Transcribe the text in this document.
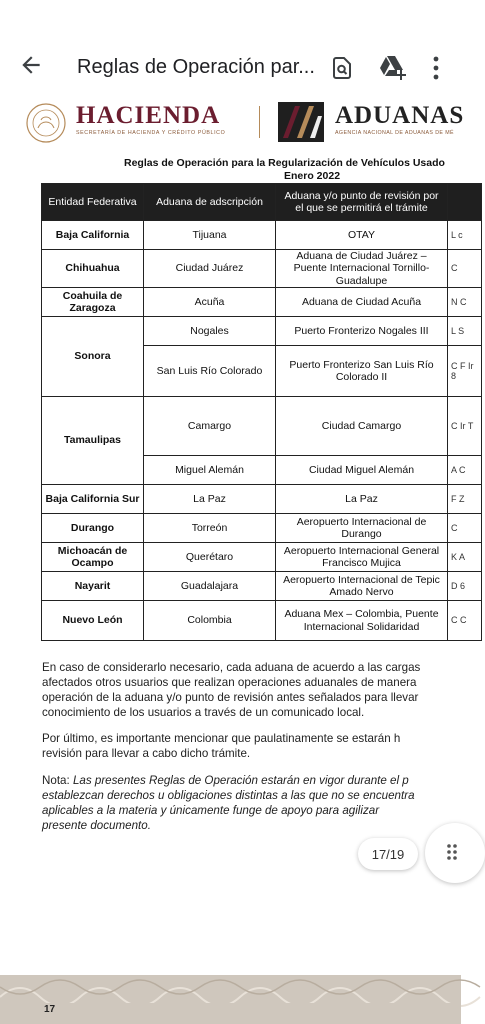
Reglas de Operación par...
HACIENDA
SECRETARÍA DE HACIENDA Y CRÉDITO PÚBLICO
ADUANAS
AGENCIA NACIONAL DE ADUANAS DE MÉ
Reglas de Operación para la Regularización de Vehículos Usado
Enero 2022
Entidad Federativa	Aduana de adscripción	Aduana y/o punto de revisión por el que se permitirá el trámite	
Baja California	Tijuana	OTAY	L c
Chihuahua	Ciudad Juárez	Aduana de Ciudad Juárez – Puente Internacional Tornillo-Guadalupe	C
Coahuila de Zaragoza	Acuña	Aduana de Ciudad Acuña	N C
Sonora	Nogales	Puerto Fronterizo Nogales III	L S
	San Luis Río Colorado	Puerto Fronterizo San Luis Río Colorado II	C F Ir 8
Tamaulipas	Camargo	Ciudad Camargo	C Ir T
	Miguel Alemán	Ciudad Miguel Alemán	A C
Baja California Sur	La Paz	La Paz	F Z
Durango	Torreón	Aeropuerto Internacional de Durango	C
Michoacán de Ocampo	Querétaro	Aeropuerto Internacional General Francisco Mujica	K A
Nayarit	Guadalajara	Aeropuerto Internacional de Tepic Amado Nervo	D 6
Nuevo León	Colombia	Aduana Mex – Colombia, Puente Internacional Solidaridad	C C
En caso de considerarlo necesario, cada aduana de acuerdo a las cargas
afectados otros usuarios que realizan operaciones aduanales de manera
operación de la aduana y/o punto de revisión antes señalados para llevar
conocimiento de los usuarios a través de un comunicado local.
Por último, es importante mencionar que paulatinamente se estarán h
revisión para llevar a cabo dicho trámite.
Nota: Las presentes Reglas de Operación estarán en vigor durante el p
establezcan derechos u obligaciones distintas a las que no se encuentra
aplicables a la materia y únicamente funge de apoyo para agilizar
presente documento.
17
17/19
